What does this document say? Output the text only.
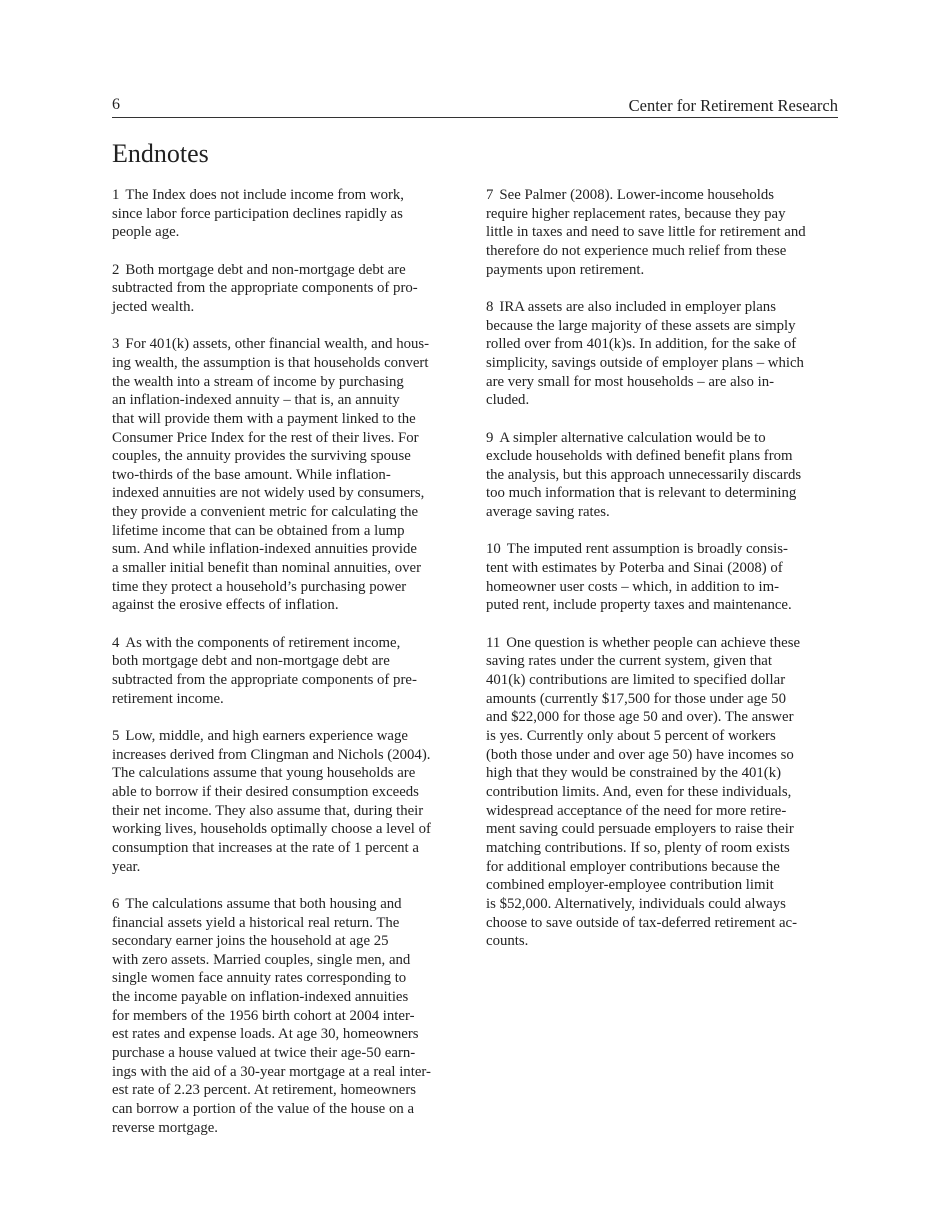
6	Center for Retirement Research
Endnotes
1 The Index does not include income from work,
since labor force participation declines rapidly as
people age.
2 Both mortgage debt and non-mortgage debt are
subtracted from the appropriate components of pro-
jected wealth.
3 For 401(k) assets, other financial wealth, and hous-
ing wealth, the assumption is that households convert
the wealth into a stream of income by purchasing
an inflation-indexed annuity – that is, an annuity
that will provide them with a payment linked to the
Consumer Price Index for the rest of their lives. For
couples, the annuity provides the surviving spouse
two-thirds of the base amount. While inflation-
indexed annuities are not widely used by consumers,
they provide a convenient metric for calculating the
lifetime income that can be obtained from a lump
sum. And while inflation-indexed annuities provide
a smaller initial benefit than nominal annuities, over
time they protect a household’s purchasing power
against the erosive effects of inflation.
4 As with the components of retirement income,
both mortgage debt and non-mortgage debt are
subtracted from the appropriate components of pre-
retirement income.
5 Low, middle, and high earners experience wage
increases derived from Clingman and Nichols (2004).
The calculations assume that young households are
able to borrow if their desired consumption exceeds
their net income. They also assume that, during their
working lives, households optimally choose a level of
consumption that increases at the rate of 1 percent a
year.
6 The calculations assume that both housing and
financial assets yield a historical real return. The
secondary earner joins the household at age 25
with zero assets. Married couples, single men, and
single women face annuity rates corresponding to
the income payable on inflation-indexed annuities
for members of the 1956 birth cohort at 2004 inter-
est rates and expense loads. At age 30, homeowners
purchase a house valued at twice their age-50 earn-
ings with the aid of a 30-year mortgage at a real inter-
est rate of 2.23 percent. At retirement, homeowners
can borrow a portion of the value of the house on a
reverse mortgage.
7 See Palmer (2008). Lower-income households
require higher replacement rates, because they pay
little in taxes and need to save little for retirement and
therefore do not experience much relief from these
payments upon retirement.
8 IRA assets are also included in employer plans
because the large majority of these assets are simply
rolled over from 401(k)s. In addition, for the sake of
simplicity, savings outside of employer plans – which
are very small for most households – are also in-
cluded.
9 A simpler alternative calculation would be to
exclude households with defined benefit plans from
the analysis, but this approach unnecessarily discards
too much information that is relevant to determining
average saving rates.
10 The imputed rent assumption is broadly consis-
tent with estimates by Poterba and Sinai (2008) of
homeowner user costs – which, in addition to im-
puted rent, include property taxes and maintenance.
11 One question is whether people can achieve these
saving rates under the current system, given that
401(k) contributions are limited to specified dollar
amounts (currently $17,500 for those under age 50
and $22,000 for those age 50 and over). The answer
is yes. Currently only about 5 percent of workers
(both those under and over age 50) have incomes so
high that they would be constrained by the 401(k)
contribution limits. And, even for these individuals,
widespread acceptance of the need for more retire-
ment saving could persuade employers to raise their
matching contributions. If so, plenty of room exists
for additional employer contributions because the
combined employer-employee contribution limit
is $52,000. Alternatively, individuals could always
choose to save outside of tax-deferred retirement ac-
counts.
